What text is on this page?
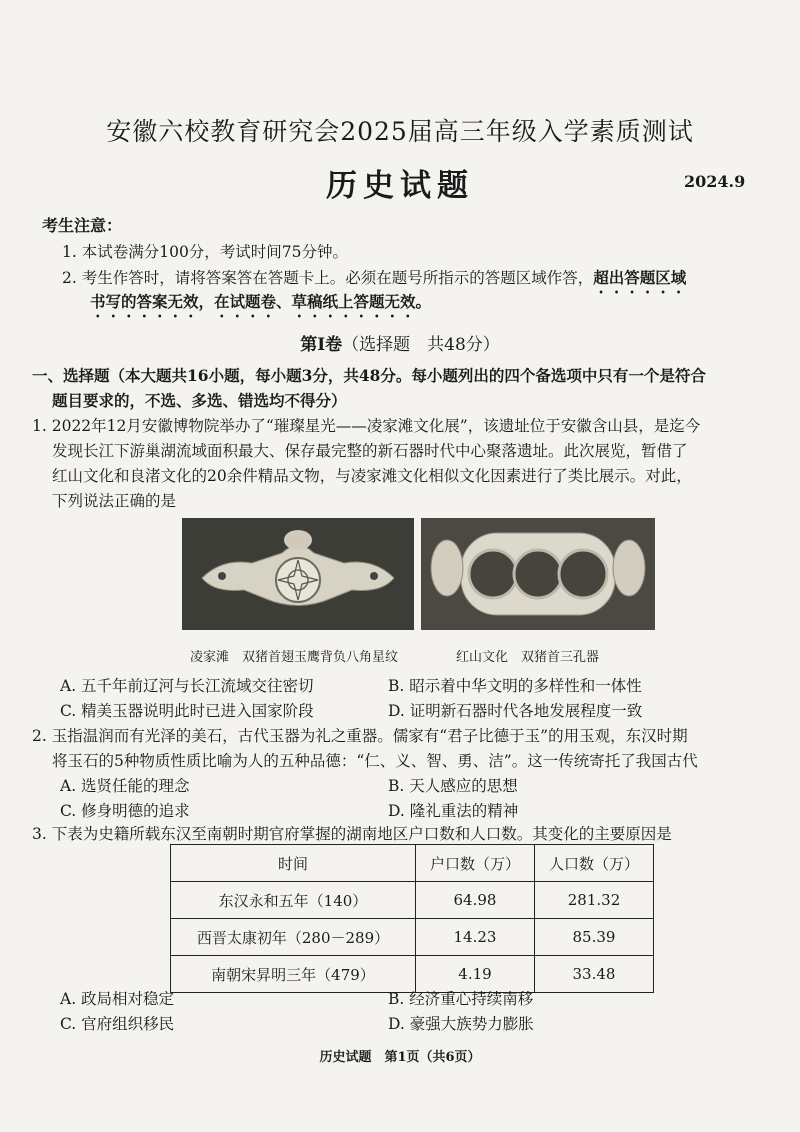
安徽六校教育研究会2025届高三年级入学素质测试
历史试题	2024.9
考生注意：
1. 本试卷满分100分，考试时间75分钟。
2. 考生作答时，请将答案答在答题卡上。必须在题号所指示的答题区域作答，超出答题区域
书写的答案无效，在试题卷、草稿纸上答题无效。
第Ⅰ卷（选择题　共48分）
一、选择题（本大题共16小题，每小题3分，共48分。每小题列出的四个备选项中只有一个是符合
题目要求的，不选、多选、错选均不得分）
1. 2022年12月安徽博物院举办了“璀璨星光——凌家滩文化展”，该遗址位于安徽含山县，是迄今
发现长江下游巢湖流域面积最大、保存最完整的新石器时代中心聚落遗址。此次展览，暂借了
红山文化和良渚文化的20余件精品文物，与凌家滩文化相似文化因素进行了类比展示。对此，
下列说法正确的是
凌家滩　双猪首翅玉鹰背负八角星纹	红山文化　双猪首三孔器
A. 五千年前辽河与长江流域交往密切	B. 昭示着中华文明的多样性和一体性
C. 精美玉器说明此时已进入国家阶段	D. 证明新石器时代各地发展程度一致
2. 玉指温润而有光泽的美石，古代玉器为礼之重器。儒家有“君子比德于玉”的用玉观，东汉时期
将玉石的5种物质性质比喻为人的五种品德：“仁、义、智、勇、洁”。这一传统寄托了我国古代
A. 选贤任能的理念	B. 天人感应的思想
C. 修身明德的追求	D. 隆礼重法的精神
3. 下表为史籍所载东汉至南朝时期官府掌握的湖南地区户口数和人口数。其变化的主要原因是
时间	户口数（万）	人口数（万）
东汉永和五年（140）	64.98	281.32
西晋太康初年（280－289）	14.23	85.39
南朝宋昇明三年（479）	4.19	33.48
A. 政局相对稳定	B. 经济重心持续南移
C. 官府组织移民	D. 豪强大族势力膨胀
历史试题　第1页（共6页）
